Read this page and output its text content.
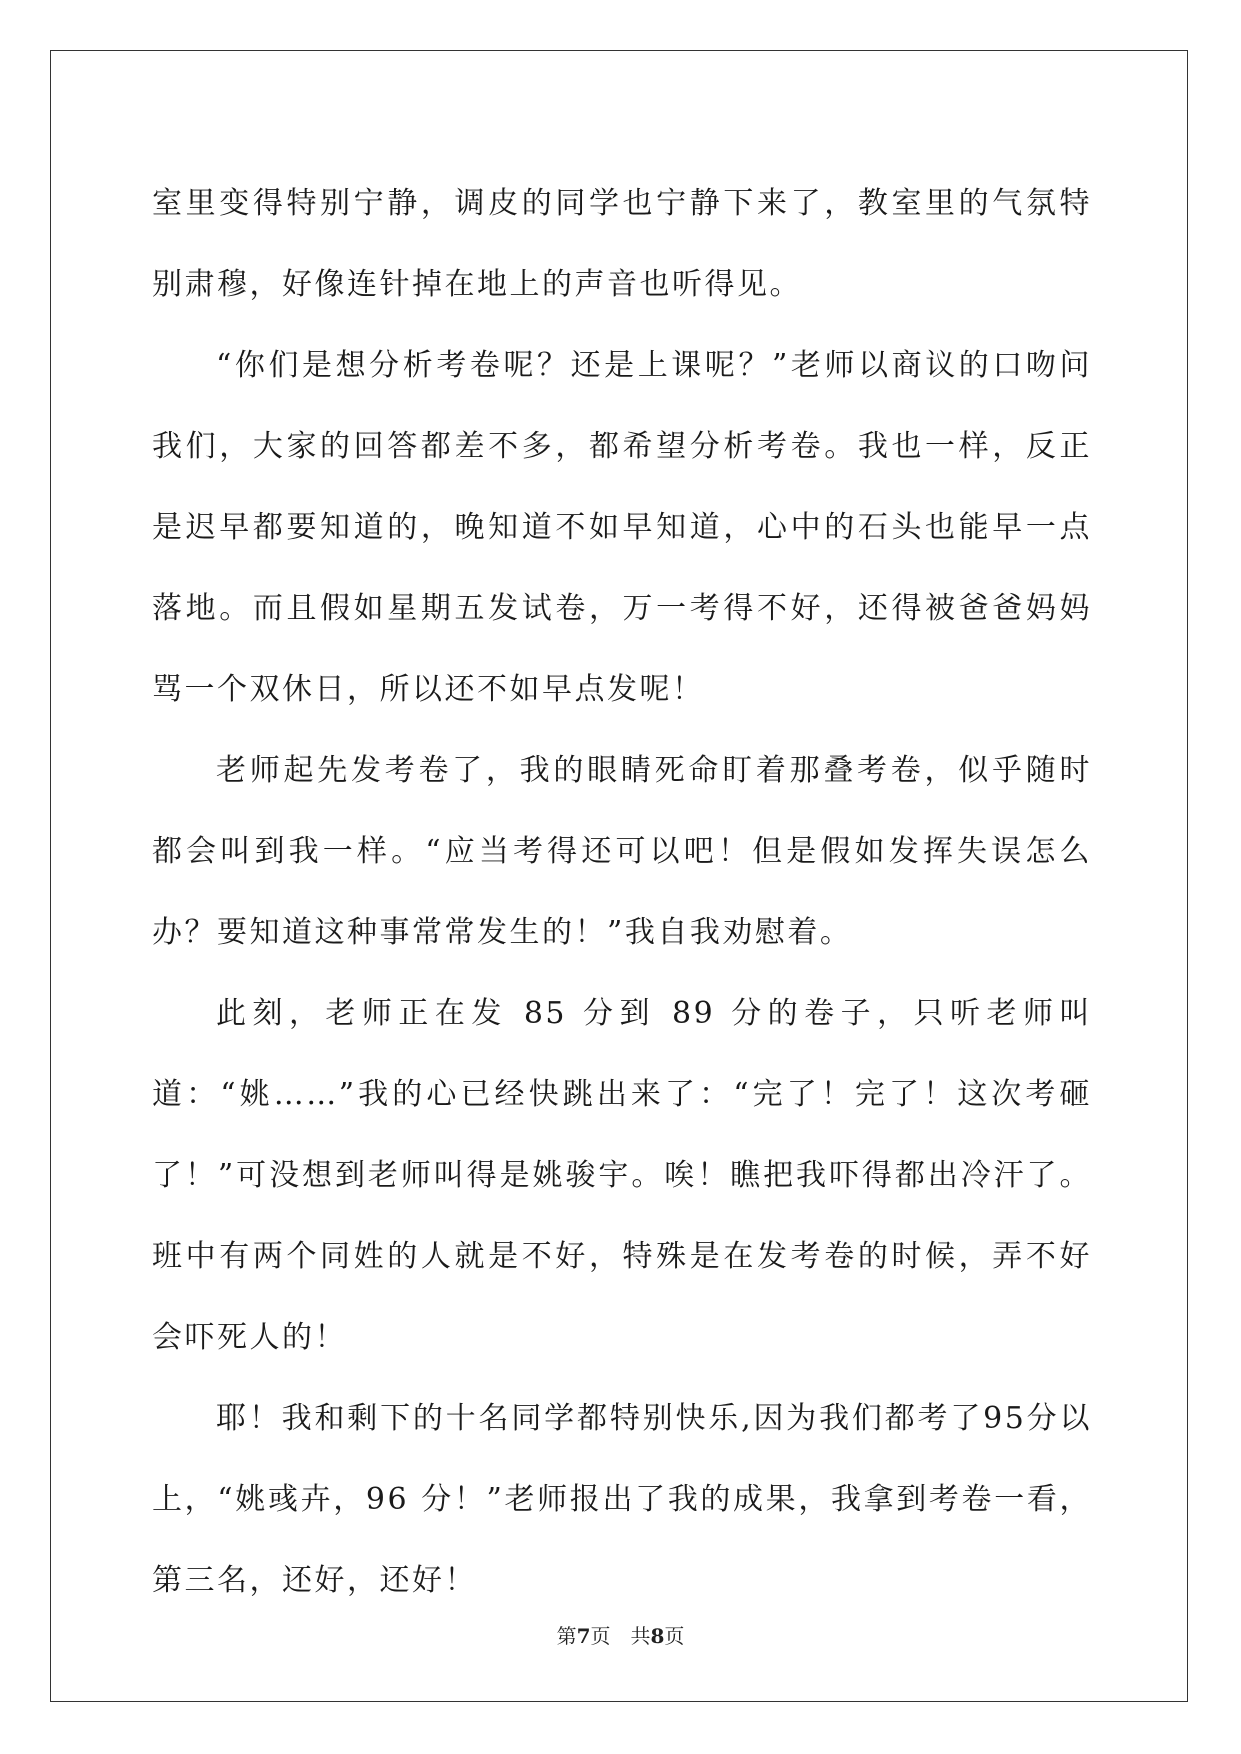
室里变得特别宁静，调皮的同学也宁静下来了，教室里的气氛特别肃穆，好像连针掉在地上的声音也听得见。

“你们是想分析考卷呢？还是上课呢？”老师以商议的口吻问我们，大家的回答都差不多，都希望分析考卷。我也一样，反正是迟早都要知道的，晚知道不如早知道，心中的石头也能早一点落地。而且假如星期五发试卷，万一考得不好，还得被爸爸妈妈骂一个双休日，所以还不如早点发呢！

老师起先发考卷了，我的眼睛死命盯着那叠考卷，似乎随时都会叫到我一样。“应当考得还可以吧！但是假如发挥失误怎么办？要知道这种事常常发生的！”我自我劝慰着。

此刻，老师正在发 85 分到 89 分的卷子，只听老师叫道：“姚……”我的心已经快跳出来了：“完了！完了！这次考砸了！”可没想到老师叫得是姚骏宇。唉！瞧把我吓得都出冷汗了。班中有两个同姓的人就是不好，特殊是在发考卷的时候，弄不好会吓死人的！

耶！我和剩下的十名同学都特别快乐,因为我们都考了95分以上，“姚彧卉，96 分！”老师报出了我的成果，我拿到考卷一看，第三名，还好，还好！

第7页 共8页
